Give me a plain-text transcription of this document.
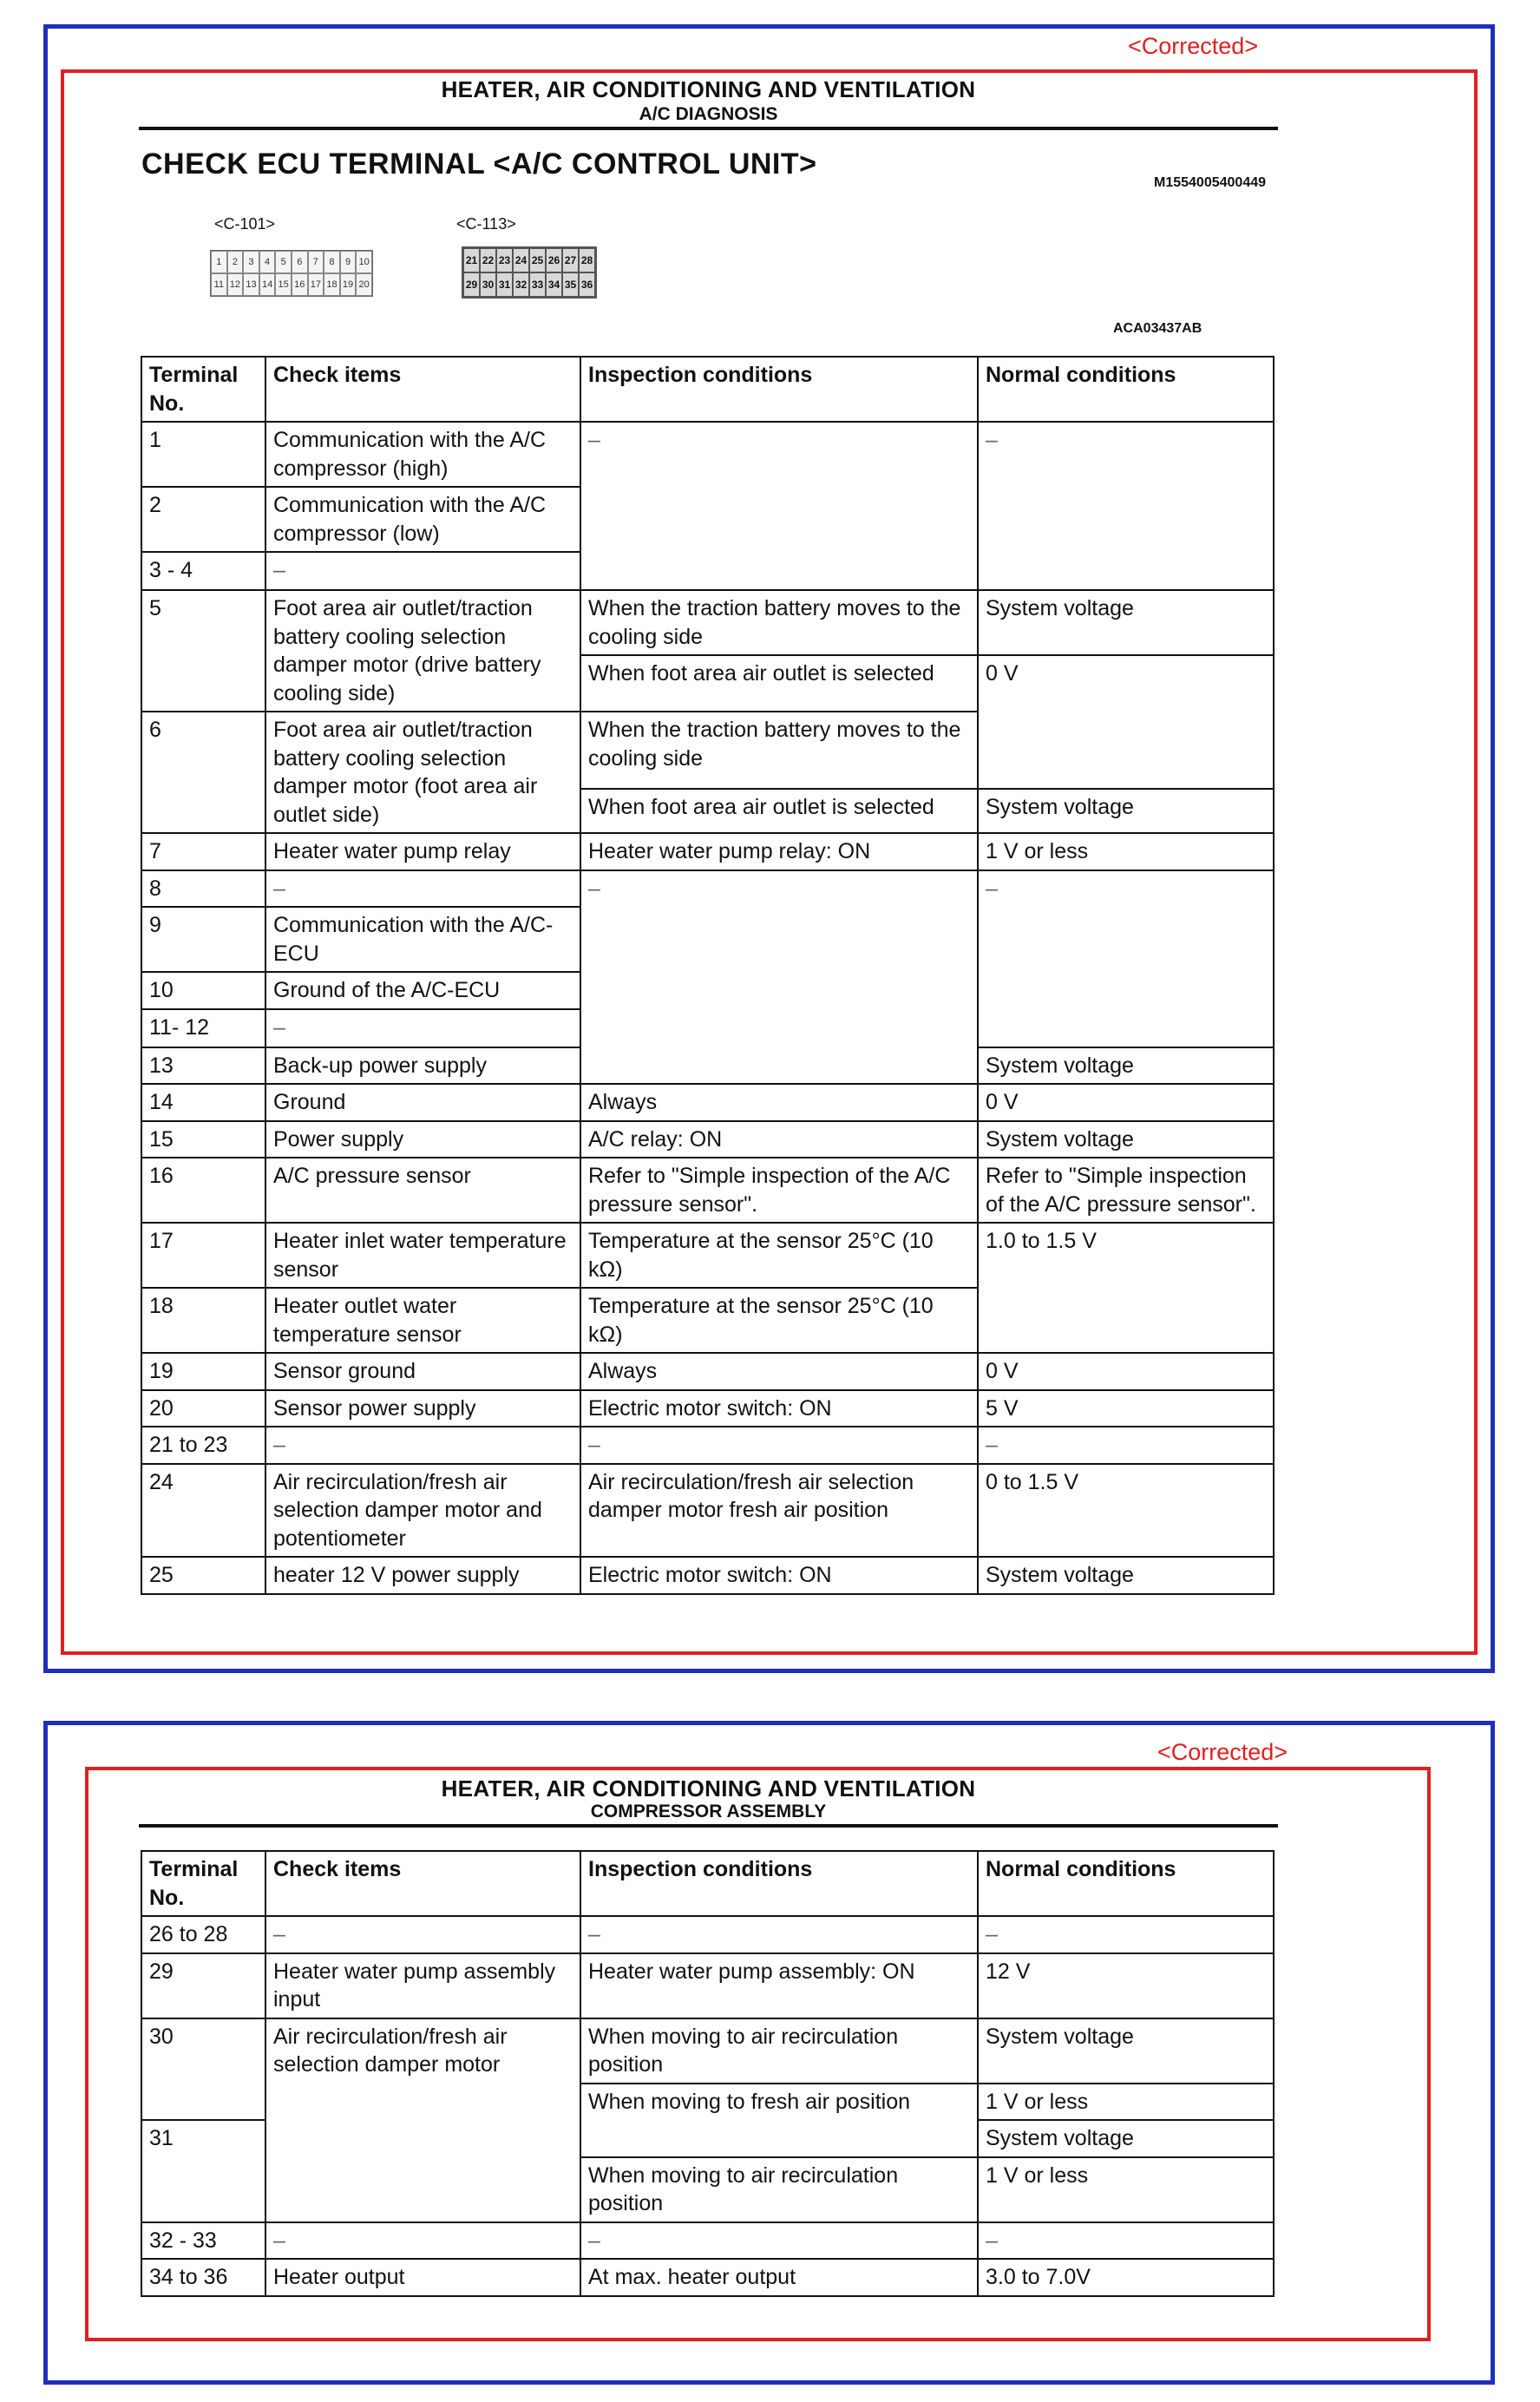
<Corrected>
HEATER, AIR CONDITIONING AND VENTILATION
A/C DIAGNOSIS
CHECK ECU TERMINAL <A/C CONTROL UNIT>
M1554005400449
<C-101>
1	2	3	4	5	6	7	8	9 10
11 12 13 14 15 16 17 18 19 20
<C-113>
21 22 23 24 25 26 27 28
29 30 31 32 33 34 35 36
ACA03437AB
Terminal No.	Check items	Inspection conditions	Normal conditions
1	Communication with the A/C compressor (high)	–	–
2	Communication with the A/C compressor (low)		
3 - 4	–		
5	Foot area air outlet/traction battery cooling selection damper motor (drive battery cooling side)	When the traction battery moves to the cooling side	System voltage
		When foot area air outlet is selected	0 V
6	Foot area air outlet/traction battery cooling selection damper motor (foot area air outlet side)	When the traction battery moves to the cooling side	
		When foot area air outlet is selected	System voltage
7	Heater water pump relay	Heater water pump relay: ON	1 V or less
8	–	–	–
9	Communication with the A/C-ECU		
10	Ground of the A/C-ECU		
11- 12	–		
13	Back-up power supply		System voltage
14	Ground	Always	0 V
15	Power supply	A/C relay: ON	System voltage
16	A/C pressure sensor	Refer to "Simple inspection of the A/C pressure sensor".	Refer to "Simple inspection of the A/C pressure sensor".
17	Heater inlet water temperature sensor	Temperature at the sensor 25°C (10 kΩ)	1.0 to 1.5 V
18	Heater outlet water temperature sensor	Temperature at the sensor 25°C (10 kΩ)	
19	Sensor ground	Always	0 V
20	Sensor power supply	Electric motor switch: ON	5 V
21 to 23	–	–	–
24	Air recirculation/fresh air selection damper motor and potentiometer	Air recirculation/fresh air selection damper motor fresh air position	0 to 1.5 V
25	heater 12 V power supply	Electric motor switch: ON	System voltage
<Corrected>
HEATER, AIR CONDITIONING AND VENTILATION
COMPRESSOR ASSEMBLY
Terminal No.	Check items	Inspection conditions	Normal conditions
26 to 28	–	–	–
29	Heater water pump assembly input	Heater water pump assembly: ON	12 V
30	Air recirculation/fresh air selection damper motor	When moving to air recirculation position	System voltage
		When moving to fresh air position	1 V or less
31			System voltage
		When moving to air recirculation position	1 V or less
32 - 33	–	–	–
34 to 36	Heater output	At max. heater output	3.0 to 7.0V
